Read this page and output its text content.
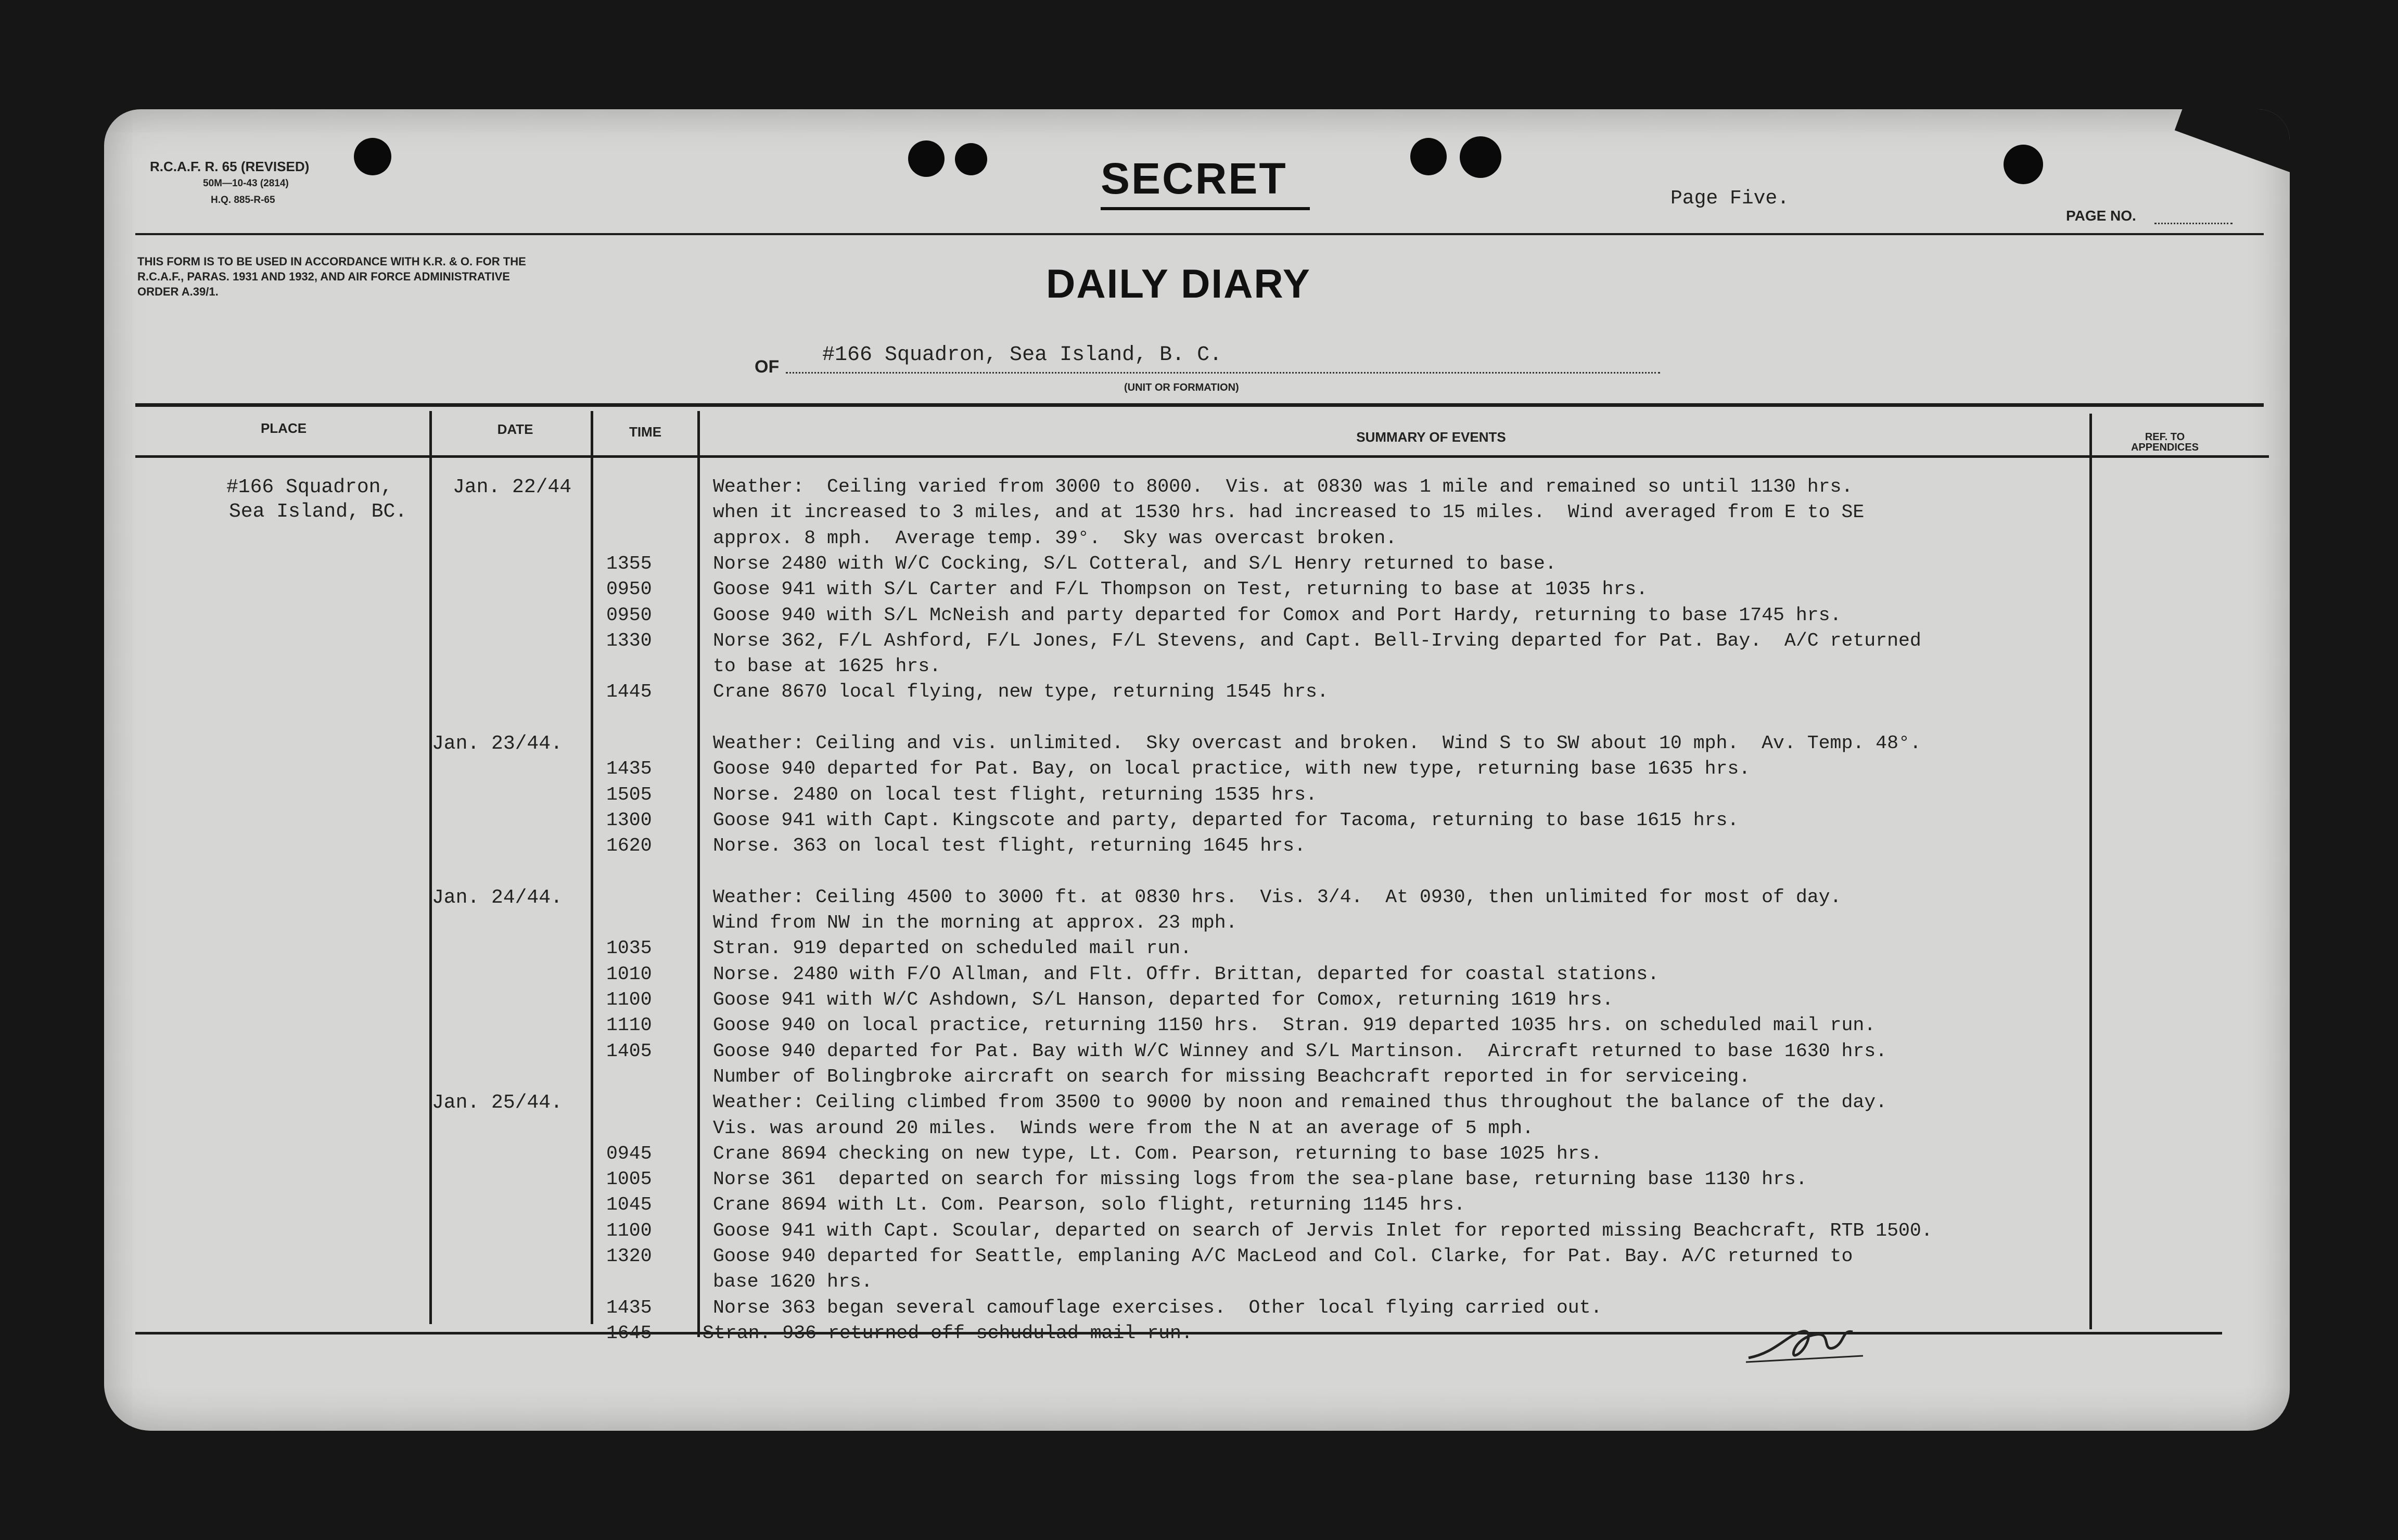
R.C.A.F. R. 65 (REVISED)
50M—10-43 (2814)
H.Q. 885-R-65	SECRET	Page Five.
PAGE NO.
THIS FORM IS TO BE USED IN ACCORDANCE WITH K.R. & O. FOR THE R.C.A.F., PARAS. 1931 AND 1932, AND AIR FORCE ADMINISTRATIVE ORDER A.39/1.	DAILY DIARY
OF #166 Squadron, Sea Island, B. C.
(UNIT OR FORMATION)
PLACE	DATE	TIME	SUMMARY OF EVENTS	REF. TO APPENDICES
#166 Squadron,
Sea Island, BC.
Jan. 22/44	Weather:  Ceiling varied from 3000 to 8000.  Vis. at 0830 was 1 mile and remained so until 1130 hrs.
when it increased to 3 miles, and at 1530 hrs. had increased to 15 miles.  Wind averaged from E to SE
approx. 8 mph.  Average temp. 39°.  Sky was overcast broken.
1355	Norse 2480 with W/C Cocking, S/L Cotteral, and S/L Henry returned to base.
0950	Goose 941 with S/L Carter and F/L Thompson on Test, returning to base at 1035 hrs.
0950	Goose 940 with S/L McNeish and party departed for Comox and Port Hardy, returning to base 1745 hrs.
1330	Norse 362, F/L Ashford, F/L Jones, F/L Stevens, and Capt. Bell-Irving departed for Pat. Bay.  A/C returned
to base at 1625 hrs.
1445	Crane 8670 local flying, new type, returning 1545 hrs.
Jan. 23/44.	Weather: Ceiling and vis. unlimited.  Sky overcast and broken.  Wind S to SW about 10 mph.  Av. Temp. 48°.
1435	Goose 940 departed for Pat. Bay, on local practice, with new type, returning base 1635 hrs.
1505	Norse. 2480 on local test flight, returning 1535 hrs.
1300	Goose 941 with Capt. Kingscote and party, departed for Tacoma, returning to base 1615 hrs.
1620	Norse. 363 on local test flight, returning 1645 hrs.
Jan. 24/44.	Weather: Ceiling 4500 to 3000 ft. at 0830 hrs.  Vis. 3/4.  At 0930, then unlimited for most of day.
Wind from NW in the morning at approx. 23 mph.
1035	Stran. 919 departed on scheduled mail run.
1010	Norse. 2480 with F/O Allman, and Flt. Offr. Brittan, departed for coastal stations.
1100	Goose 941 with W/C Ashdown, S/L Hanson, departed for Comox, returning 1619 hrs.
1110	Goose 940 on local practice, returning 1150 hrs.  Stran. 919 departed 1035 hrs. on scheduled mail run.
1405	Goose 940 departed for Pat. Bay with W/C Winney and S/L Martinson.  Aircraft returned to base 1630 hrs.
Number of Bolingbroke aircraft on search for missing Beachcraft reported in for serviceing.
Jan. 25/44.	Weather: Ceiling climbed from 3500 to 9000 by noon and remained thus throughout the balance of the day.
Vis. was around 20 miles.  Winds were from the N at an average of 5 mph.
0945	Crane 8694 checking on new type, Lt. Com. Pearson, returning to base 1025 hrs.
1005	Norse 361  departed on search for missing logs from the sea-plane base, returning base 1130 hrs.
1045	Crane 8694 with Lt. Com. Pearson, solo flight, returning 1145 hrs.
1100	Goose 941 with Capt. Scoular, departed on search of Jervis Inlet for reported missing Beachcraft, RTB 1500.
1320	Goose 940 departed for Seattle, emplaning A/C MacLeod and Col. Clarke, for Pat. Bay. A/C returned to
base 1620 hrs.
1435	Norse 363 began several camouflage exercises.  Other local flying carried out.
1645	Stran. 936 returned off schudulad mail run.
